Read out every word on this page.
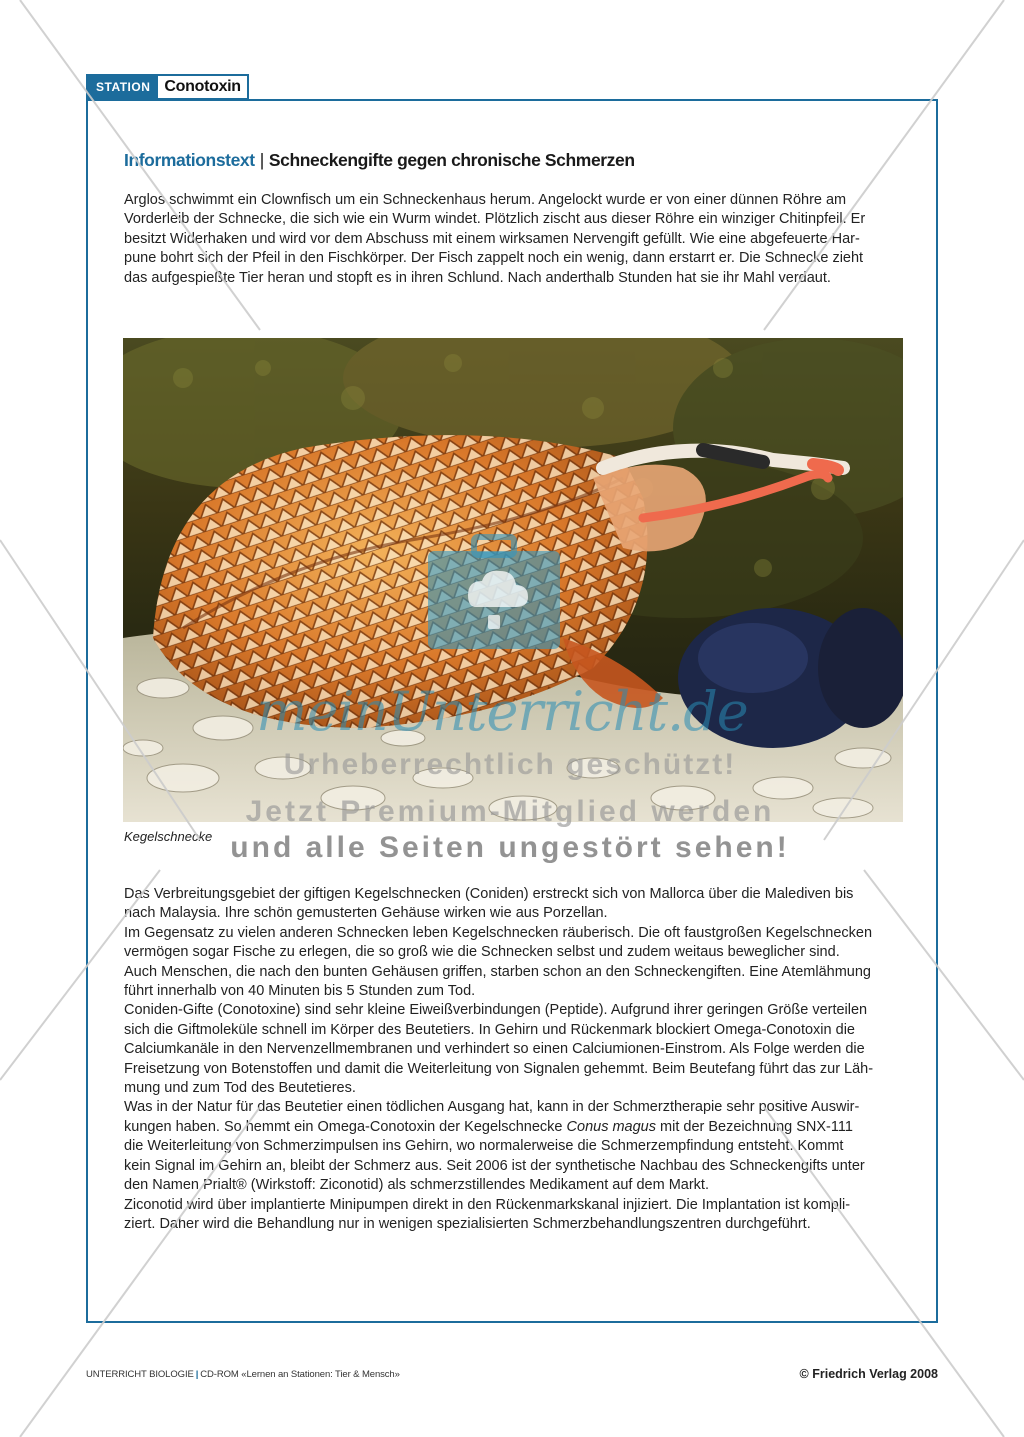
STATION Conotoxin
Informationstext | Schneckengifte gegen chronische Schmerzen

Arglos schwimmt ein Clownfisch um ein Schneckenhaus herum. Angelockt wurde er von einer dünnen Röhre am

Vorderleib der Schnecke, die sich wie ein Wurm windet. Plötzlich zischt aus dieser Röhre ein winziger Chitinpfeil. Er

besitzt Widerhaken und wird vor dem Abschuss mit einem wirksamen Nervengift gefüllt. Wie eine abgefeuerte Har-

pune bohrt sich der Pfeil in den Fischkörper. Der Fisch zappelt noch ein wenig, dann erstarrt er. Die Schnecke zieht

das aufgespießte Tier heran und stopft es in ihren Schlund. Nach anderthalb Stunden hat sie ihr Mahl verdaut.

Kegelschnecke
meinUnterricht.de
Urheberrechtlich geschützt!
Jetzt Premium-Mitglied werden
und alle Seiten ungestört sehen!

Das Verbreitungsgebiet der giftigen Kegelschnecken (Coniden) erstreckt sich von Mallorca über die Malediven bis

nach Malaysia. Ihre schön gemusterten Gehäuse wirken wie aus Porzellan.

Im Gegensatz zu vielen anderen Schnecken leben Kegelschnecken räuberisch. Die oft faustgroßen Kegelschnecken

vermögen sogar Fische zu erlegen, die so groß wie die Schnecken selbst und zudem weitaus beweglicher sind.

Auch Menschen, die nach den bunten Gehäusen griffen, starben schon an den Schneckengiften. Eine Atemlähmung

führt innerhalb von 40 Minuten bis 5 Stunden zum Tod.

Coniden-Gifte (Conotoxine) sind sehr kleine Eiweißverbindungen (Peptide). Aufgrund ihrer geringen Größe verteilen

sich die Giftmoleküle schnell im Körper des Beutetiers. In Gehirn und Rückenmark blockiert Omega-Conotoxin die

Calciumkanäle in den Nervenzellmembranen und verhindert so einen Calciumionen-Einstrom. Als Folge werden die

Freisetzung von Botenstoffen und damit die Weiterleitung von Signalen gehemmt. Beim Beutefang führt das zur Läh-

mung und zum Tod des Beutetieres.

Was in der Natur für das Beutetier einen tödlichen Ausgang hat, kann in der Schmerztherapie sehr positive Auswir-

kungen haben. So hemmt ein Omega-Conotoxin der Kegelschnecke Conus magus mit der Bezeichnung SNX-111

die Weiterleitung von Schmerzimpulsen ins Gehirn, wo normalerweise die Schmerzempfindung entsteht. Kommt

kein Signal im Gehirn an, bleibt der Schmerz aus. Seit 2006 ist der synthetische Nachbau des Schneckengifts unter

den Namen Prialt® (Wirkstoff: Ziconotid) als schmerzstillendes Medikament auf dem Markt.

Ziconotid wird über implantierte Minipumpen direkt in den Rückenmarkskanal injiziert. Die Implantation ist kompli-

ziert. Daher wird die Behandlung nur in wenigen spezialisierten Schmerzbehandlungszentren durchgeführt.

UNTERRICHT BIOLOGIE | CD-ROM «Lernen an Stationen: Tier & Mensch»	© Friedrich Verlag 2008
